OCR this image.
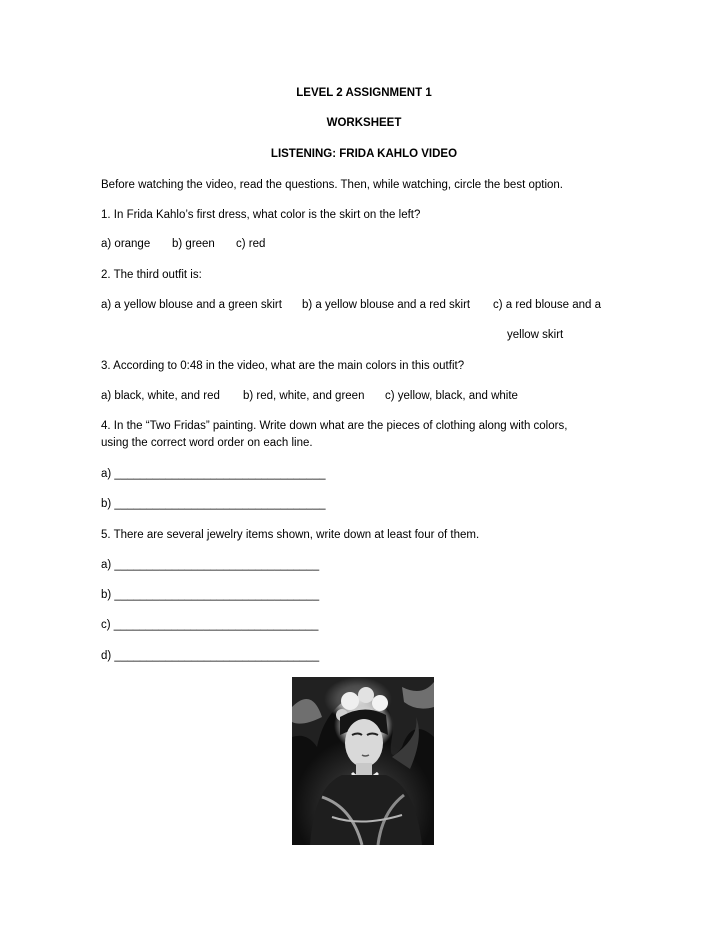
LEVEL 2 ASSIGNMENT 1
WORKSHEET
LISTENING: FRIDA KAHLO VIDEO
Before watching the video, read the questions. Then, while watching, circle the best option.
1. In Frida Kahlo’s first dress, what color is the skirt on the left?
a) orange b) green c) red
2. The third outfit is:
a) a yellow blouse and a green skirt b) a yellow blouse and a red skirt c) a red blouse and a
yellow skirt
3. According to 0:48 in the video, what are the main colors in this outfit?
a) black, white, and red b) red, white, and green c) yellow, black, and white
4. In the “Two Fridas” painting. Write down what are the pieces of clothing along with colors,
using the correct word order on each line.
a) _________________________________
b) _________________________________
5. There are several jewelry items shown, write down at least four of them.
a) ________________________________
b) ________________________________
c) ________________________________
d) ________________________________
